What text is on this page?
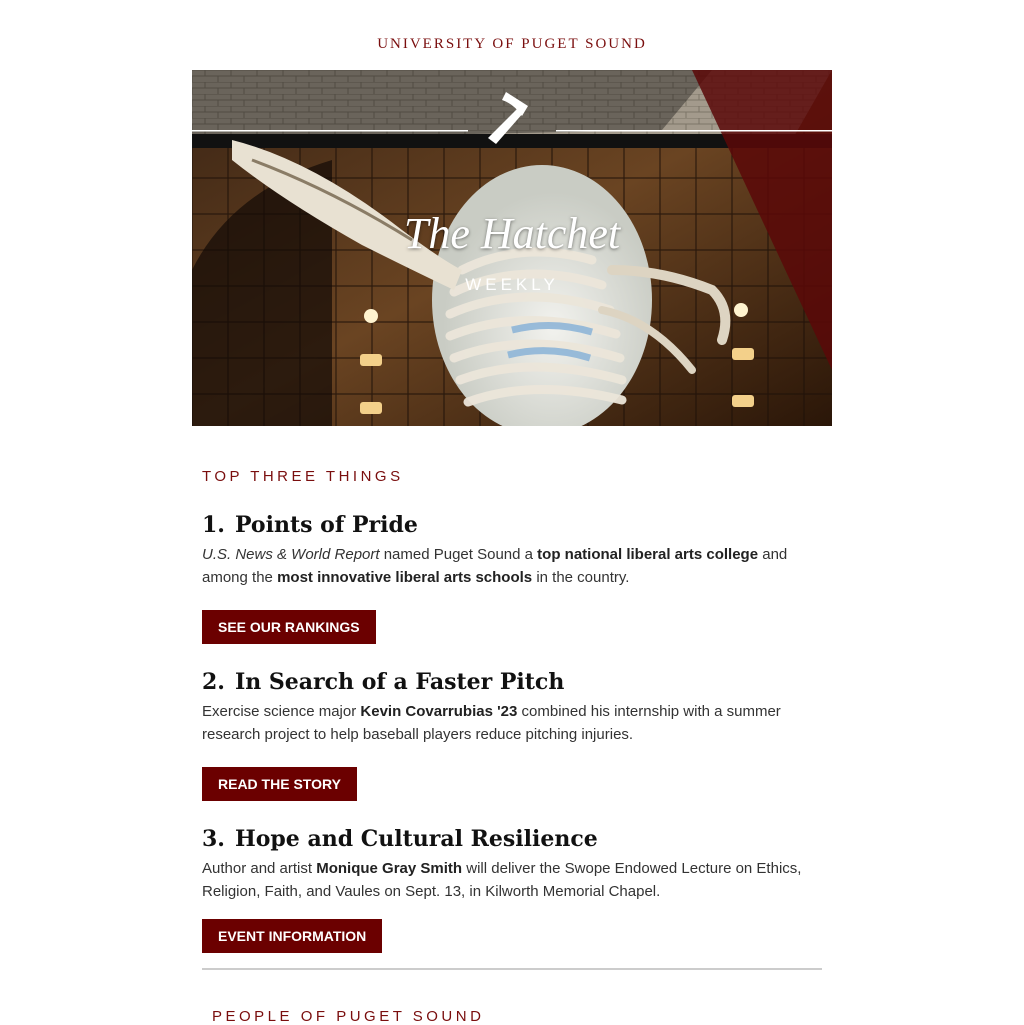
UNIVERSITY OF PUGET SOUND
The Hatchet
WEEKLY
TOP THREE THINGS
1. Points of Pride
U.S. News & World Report named Puget Sound a top national liberal arts college and among the most innovative liberal arts schools in the country.
SEE OUR RANKINGS
2. In Search of a Faster Pitch
Exercise science major Kevin Covarrubias '23 combined his internship with a summer research project to help baseball players reduce pitching injuries.
READ THE STORY
3. Hope and Cultural Resilience
Author and artist Monique Gray Smith will deliver the Swope Endowed Lecture on Ethics, Religion, Faith, and Vaules on Sept. 13, in Kilworth Memorial Chapel.
EVENT INFORMATION
PEOPLE OF PUGET SOUND
